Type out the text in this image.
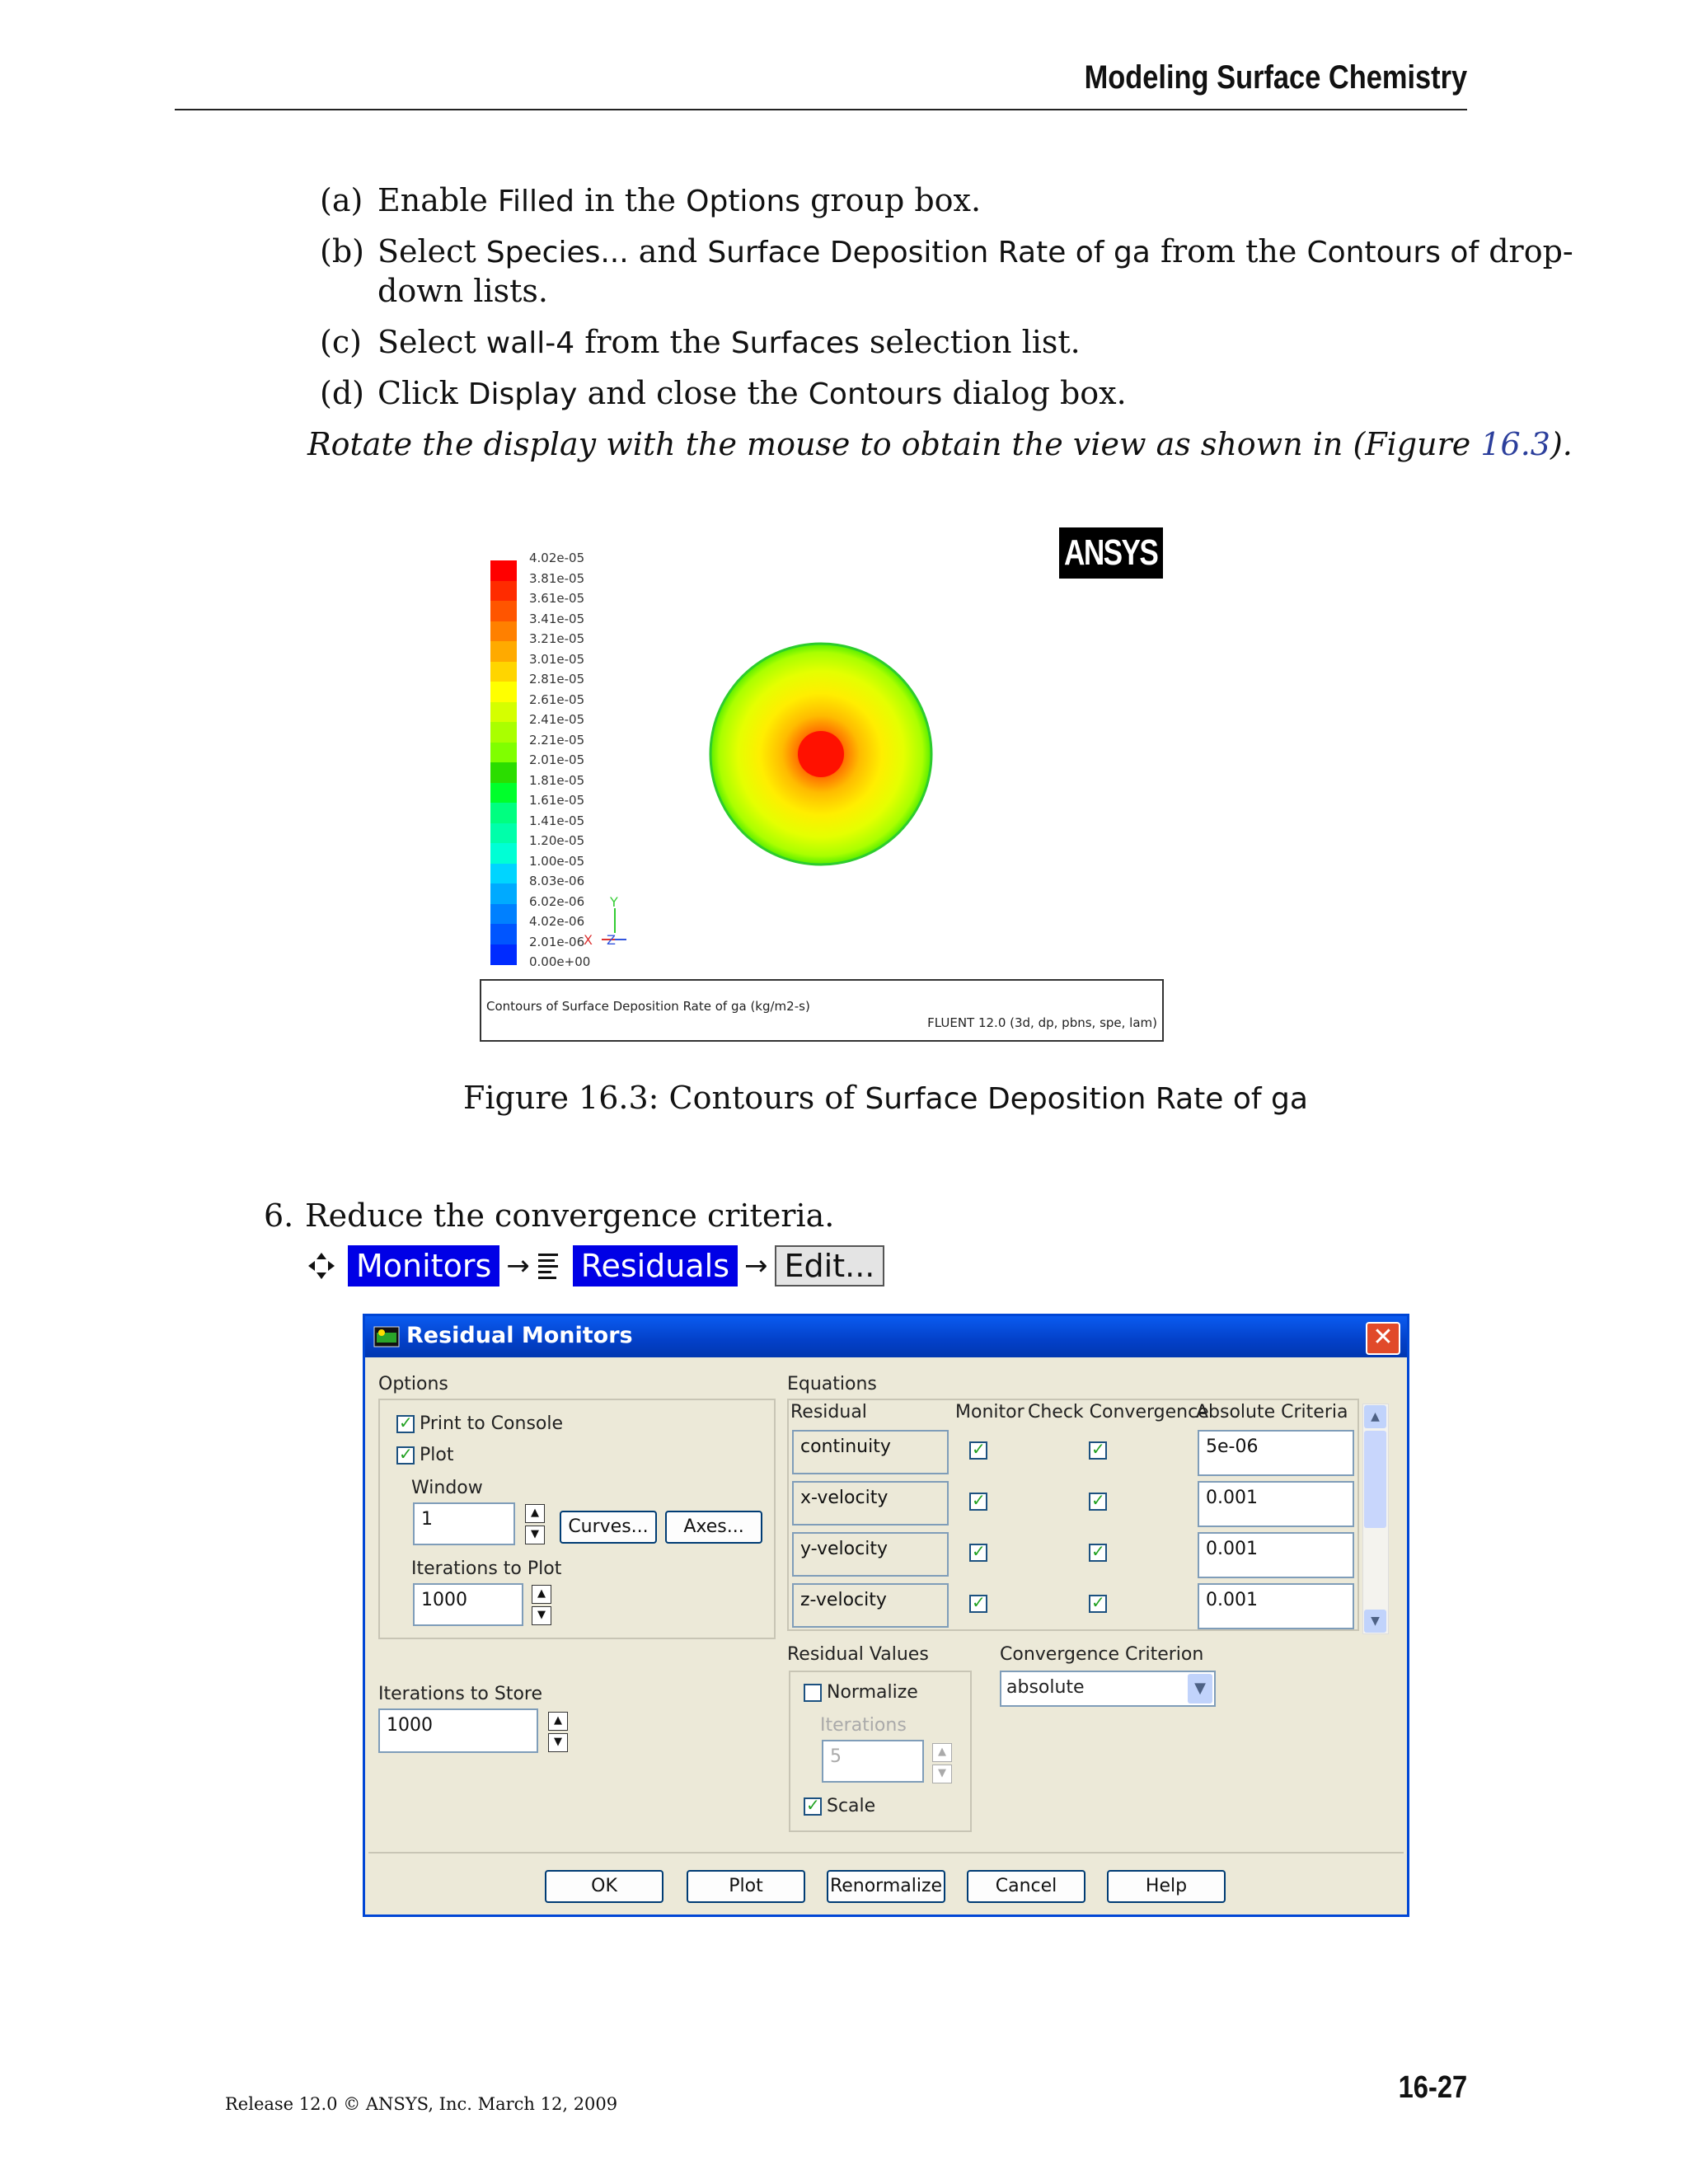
Modeling Surface Chemistry
(a) Enable Filled in the Options group box.
(b) Select Species... and Surface Deposition Rate of ga from the Contours of drop-
down lists.
(c) Select wall-4 from the Surfaces selection list.
(d) Click Display and close the Contours dialog box.
Rotate the display with the mouse to obtain the view as shown in (Figure 16.3).
4.02e-05
3.81e-05
3.61e-05
3.41e-05
3.21e-05
3.01e-05
2.81e-05
2.61e-05
2.41e-05
2.21e-05
2.01e-05
1.81e-05
1.61e-05
1.41e-05
1.20e-05
1.00e-05
8.03e-06
6.02e-06
4.02e-06
2.01e-06
0.00e+00
ANSYS
Y
X Z
Contours of Surface Deposition Rate of ga (kg/m2-s)
FLUENT 12.0 (3d, dp, pbns, spe, lam)
Figure 16.3: Contours of Surface Deposition Rate of ga
6. Reduce the convergence criteria.
Monitors → Residuals → Edit...
Residual Monitors	✕
Options
✓
Print to Console
✓
Plot
Window
1	▲
▼	Curves...	Axes...
Iterations to Plot
1000	▲
▼
Iterations to Store
1000	▲
▼
Equations
Residual	Monitor Check Convergence
Absolute Criteria
continuity ✓ ✓	5e-06
x-velocity ✓ ✓	0.001
y-velocity ✓ ✓	0.001
z-velocity ✓ ✓	0.001
▲
▼
Residual Values
Normalize
Iterations
5	▲
▼
✓
Scale
Convergence Criterion
absolute	▼
OK	Plot	Renormalize	Cancel	Help
Release 12.0 © ANSYS, Inc. March 12, 2009	16-27
